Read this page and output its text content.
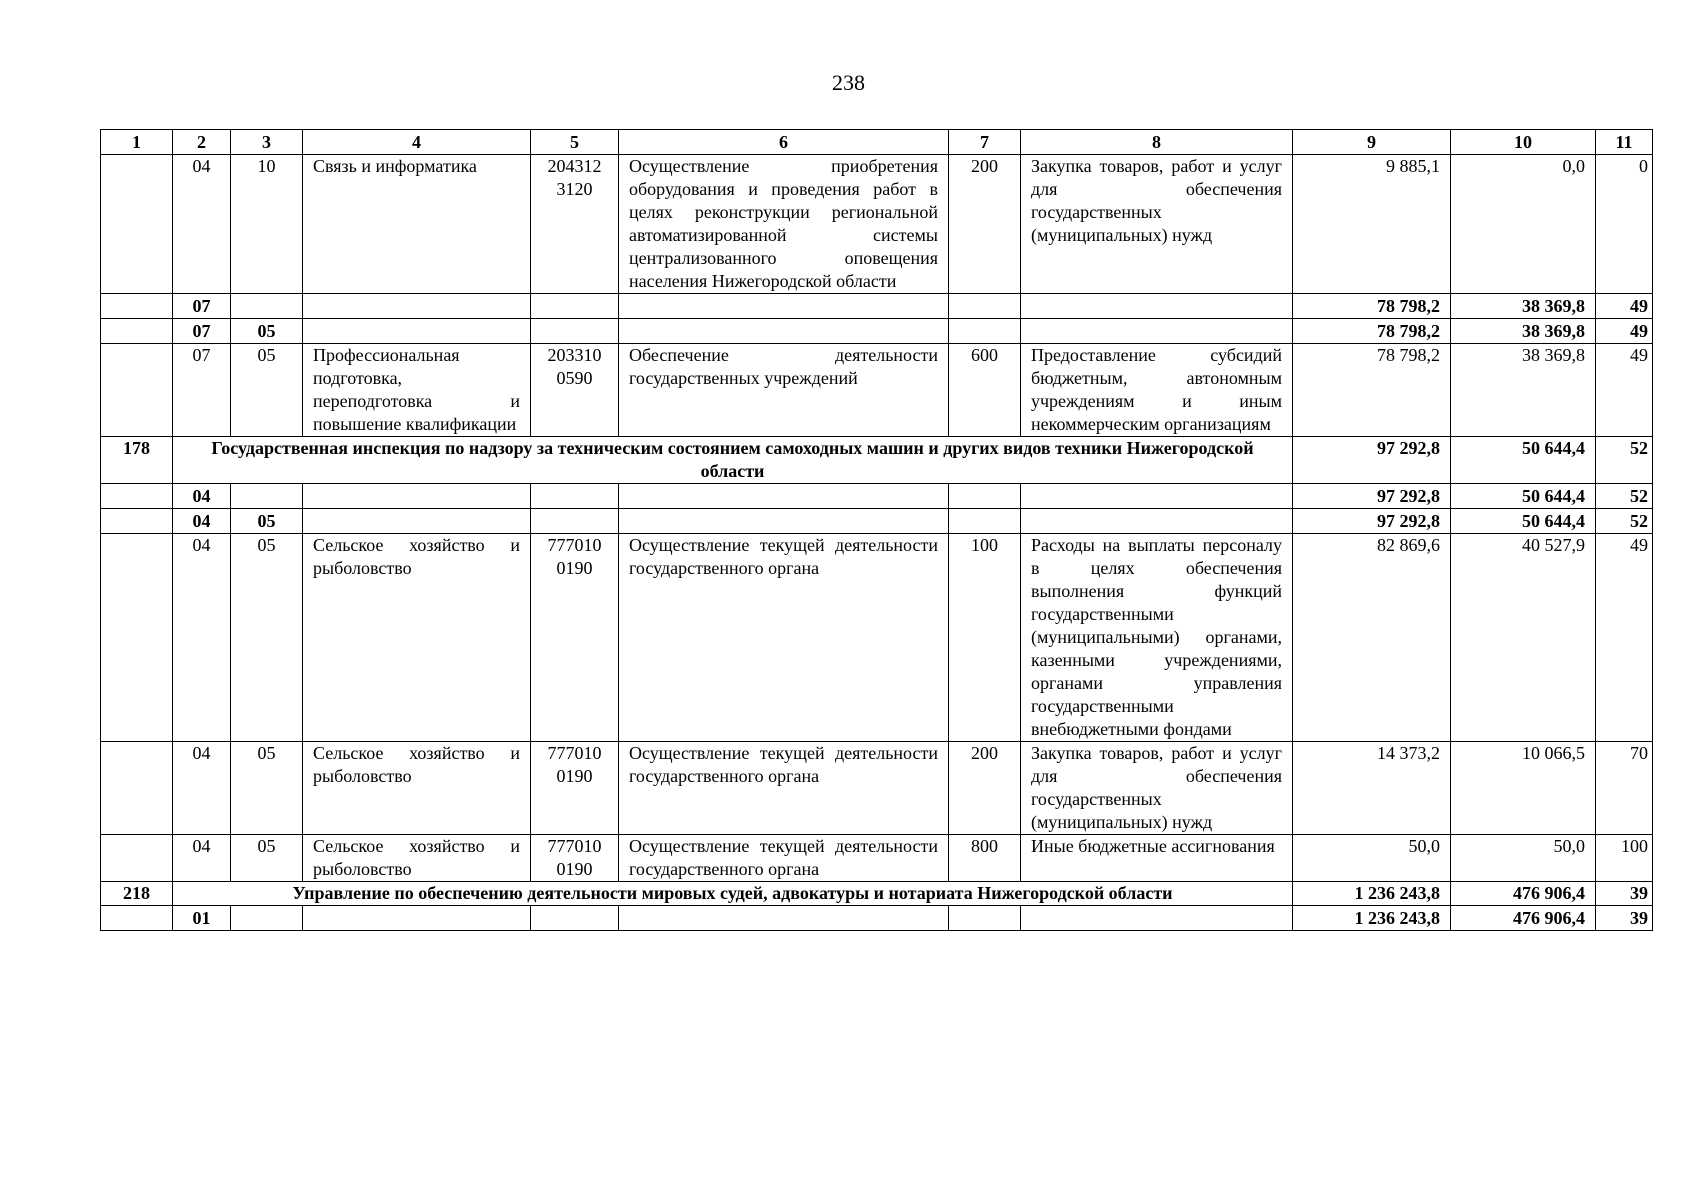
238
1	2	3	4	5	6	7	8	9	10	11
	04	10	Связь и информатика	204312 3120	Осуществление приобретения оборудования и проведения работ в целях реконструкции региональной автоматизированной системы централизованного оповещения населения Нижегородской области	200	Закупка товаров, работ и услуг для обеспечения государственных (муниципальных) нужд	9 885,1	0,0	0
	07							78 798,2	38 369,8	49
	07	05						78 798,2	38 369,8	49
	07	05	Профессиональная подготовка, переподготовка и повышение квалификации	203310 0590	Обеспечение деятельности государственных учреждений	600	Предоставление субсидий бюджетным, автономным учреждениям и иным некоммерческим организациям	78 798,2	38 369,8	49
178	Государственная инспекция по надзору за техническим состоянием самоходных машин и других видов техники Нижегородской области							97 292,8	50 644,4	52
	04							97 292,8	50 644,4	52
	04	05						97 292,8	50 644,4	52
	04	05	Сельское хозяйство и рыболовство	777010 0190	Осуществление текущей деятельности государственного органа	100	Расходы на выплаты персоналу в целях обеспечения выполнения функций государственными (муниципальными) органами, казенными учреждениями, органами управления государственными внебюджетными фондами	82 869,6	40 527,9	49
	04	05	Сельское хозяйство и рыболовство	777010 0190	Осуществление текущей деятельности государственного органа	200	Закупка товаров, работ и услуг для обеспечения государственных (муниципальных) нужд	14 373,2	10 066,5	70
	04	05	Сельское хозяйство и рыболовство	777010 0190	Осуществление текущей деятельности государственного органа	800	Иные бюджетные ассигнования	50,0	50,0	100
218	Управление по обеспечению деятельности мировых судей, адвокатуры и нотариата Нижегородской области							1 236 243,8	476 906,4	39
	01							1 236 243,8	476 906,4	39
